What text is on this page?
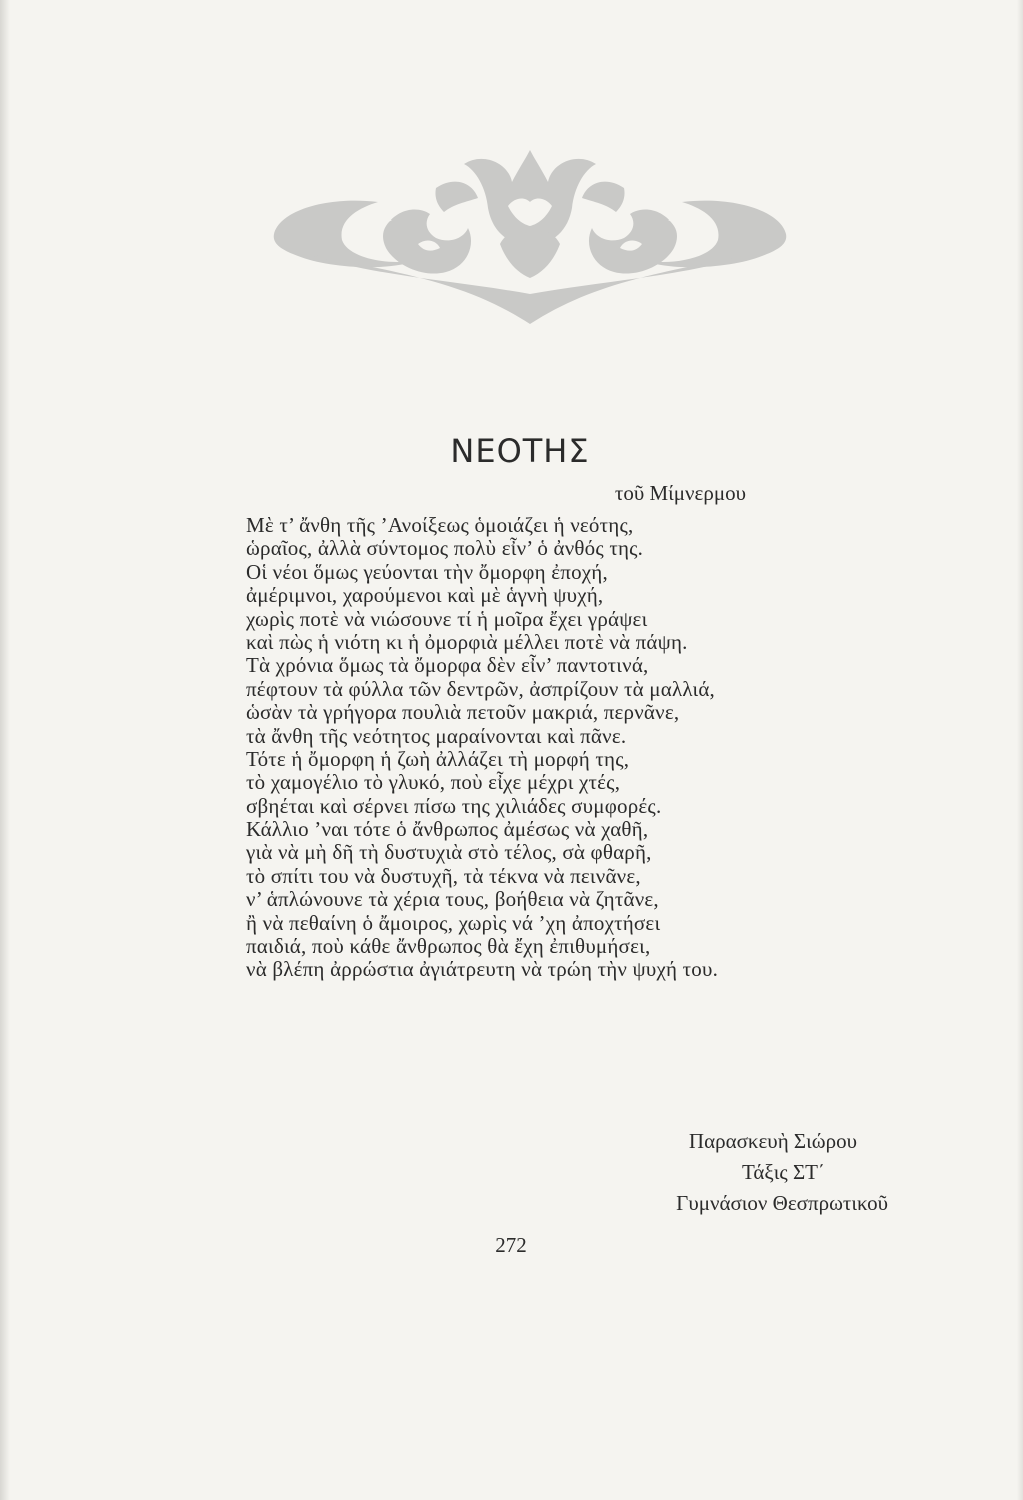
ΝΕΟΤΗΣ
τοῦ Μίμνερμου
Μὲ τ’ ἄνθη τῆς ’Ανοίξεως ὁμοιάζει ἡ νεότης,
ὡραῖος, ἀλλὰ σύντομος πολὺ εἶν’ ὁ ἀνθός της.
Οἱ νέοι ὅμως γεύονται τὴν ὄμορφη ἐποχή,
ἀμέριμνοι, χαρούμενοι καὶ μὲ ἁγνὴ ψυχή,
χωρὶς ποτὲ νὰ νιώσουνε τί ἡ μοῖρα ἔχει γράψει
καὶ πὼς ἡ νιότη κι ἡ ὀμορφιὰ μέλλει ποτὲ νὰ πάψη.
Τὰ χρόνια ὅμως τὰ ὄμορφα δὲν εἶν’ παντοτινά,
πέφτουν τὰ φύλλα τῶν δεντρῶν, ἀσπρίζουν τὰ μαλλιά,
ὡσὰν τὰ γρήγορα πουλιὰ πετοῦν μακριά, περνᾶνε,
τὰ ἄνθη τῆς νεότητος μαραίνονται καὶ πᾶνε.
Τότε ἡ ὄμορφη ἡ ζωὴ ἀλλάζει τὴ μορφή της,
τὸ χαμογέλιο τὸ γλυκό, ποὺ εἶχε μέχρι χτές,
σβηέται καὶ σέρνει πίσω της χιλιάδες συμφορές.
Κάλλιο ’ναι τότε ὁ ἄνθρωπος ἀμέσως νὰ χαθῆ,
γιὰ νὰ μὴ δῆ τὴ δυστυχιὰ στὸ τέλος, σὰ φθαρῆ,
τὸ σπίτι του νὰ δυστυχῆ, τὰ τέκνα νὰ πεινᾶνε,
ν’ ἁπλώνουνε τὰ χέρια τους, βοήθεια νὰ ζητᾶνε,
ἢ νὰ πεθαίνη ὁ ἄμοιρος, χωρὶς νά ’χη ἀποχτήσει
παιδιά, ποὺ κάθε ἄνθρωπος θὰ ἔχη ἐπιθυμήσει,
νὰ βλέπη ἀρρώστια ἀγιάτρευτη νὰ τρώη τὴν ψυχή του.
Παρασκευὴ Σιώρου
Τάξις ΣΤ΄
Γυμνάσιον Θεσπρωτικοῦ
272
